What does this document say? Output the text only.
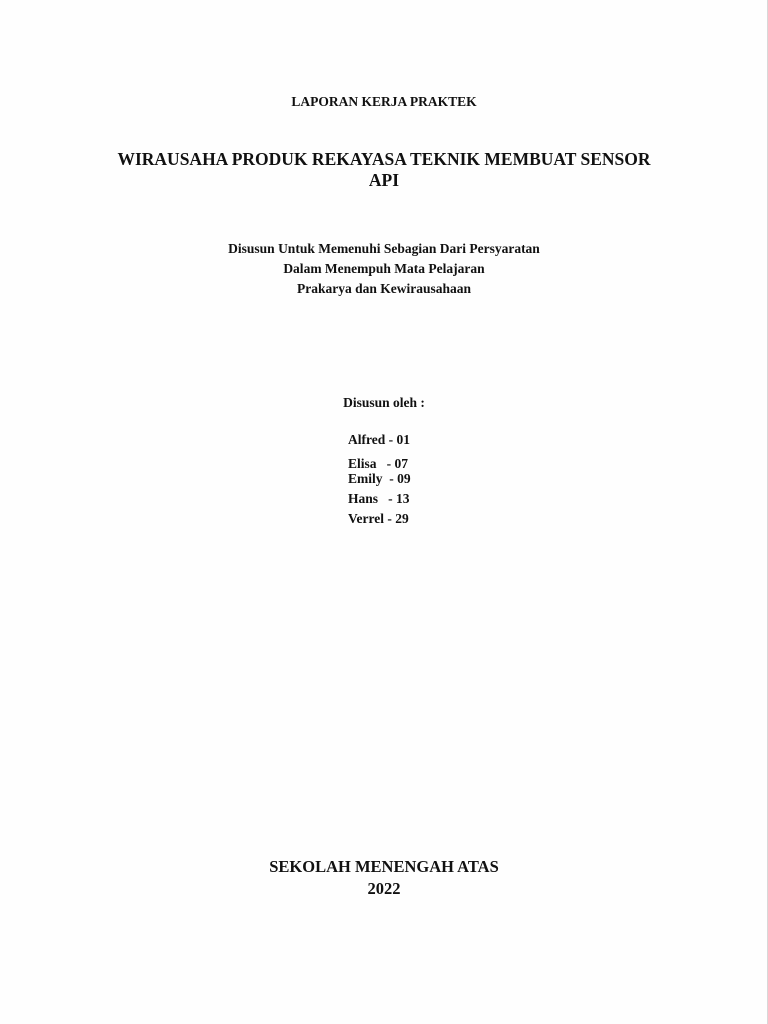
LAPORAN KERJA PRAKTEK
WIRAUSAHA PRODUK REKAYASA TEKNIK MEMBUAT SENSOR
API
Disusun Untuk Memenuhi Sebagian Dari Persyaratan
Dalam Menempuh Mata Pelajaran
Prakarya dan Kewirausahaan
Disusun oleh :
Alfred - 01
Elisa   - 07
Emily  - 09
Hans   - 13
Verrel - 29
SEKOLAH MENENGAH ATAS
2022
